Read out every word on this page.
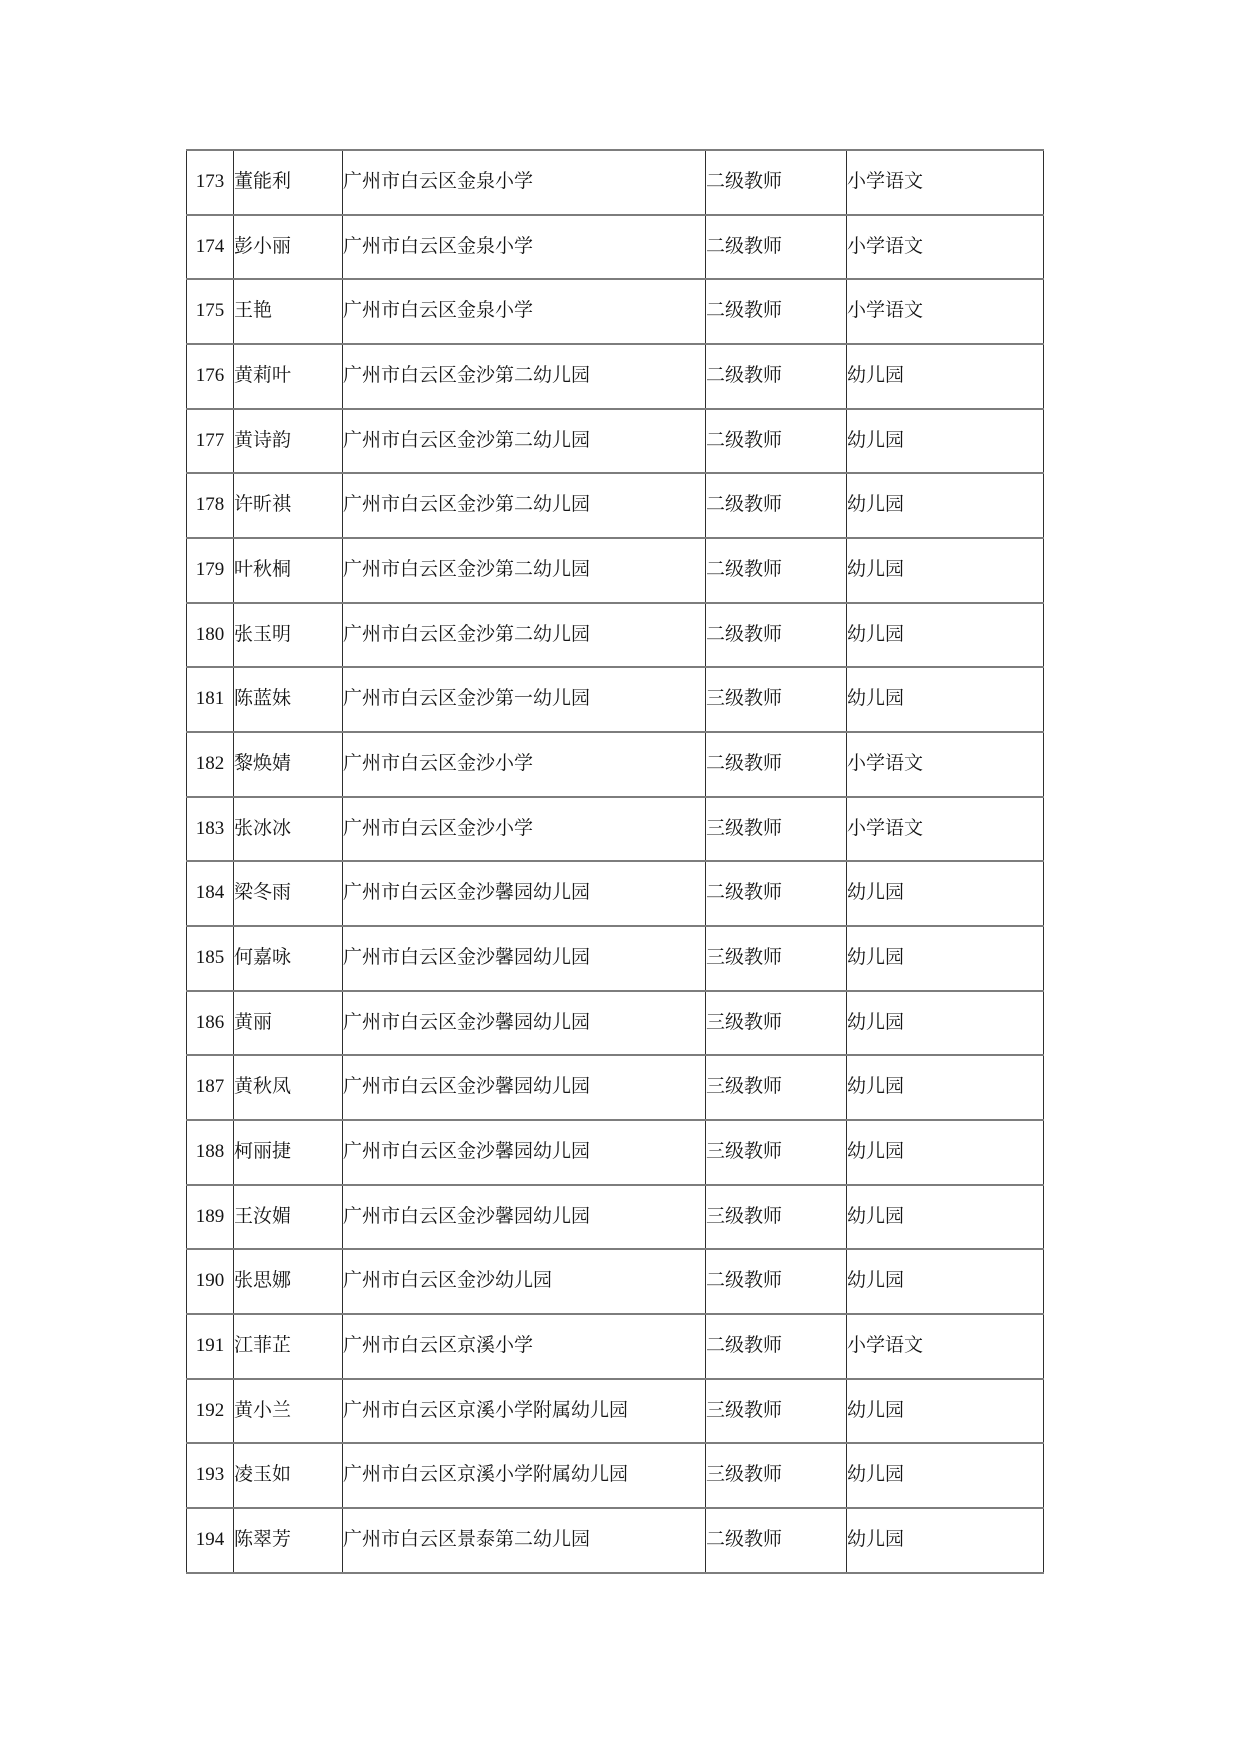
173	董能利	广州市白云区金泉小学	二级教师	小学语文
174	彭小丽	广州市白云区金泉小学	二级教师	小学语文
175	王艳	广州市白云区金泉小学	二级教师	小学语文
176	黄莉叶	广州市白云区金沙第二幼儿园	二级教师	幼儿园
177	黄诗韵	广州市白云区金沙第二幼儿园	二级教师	幼儿园
178	许昕祺	广州市白云区金沙第二幼儿园	二级教师	幼儿园
179	叶秋桐	广州市白云区金沙第二幼儿园	二级教师	幼儿园
180	张玉明	广州市白云区金沙第二幼儿园	二级教师	幼儿园
181	陈蓝妹	广州市白云区金沙第一幼儿园	三级教师	幼儿园
182	黎焕婧	广州市白云区金沙小学	二级教师	小学语文
183	张冰冰	广州市白云区金沙小学	三级教师	小学语文
184	梁冬雨	广州市白云区金沙馨园幼儿园	二级教师	幼儿园
185	何嘉咏	广州市白云区金沙馨园幼儿园	三级教师	幼儿园
186	黄丽	广州市白云区金沙馨园幼儿园	三级教师	幼儿园
187	黄秋凤	广州市白云区金沙馨园幼儿园	三级教师	幼儿园
188	柯丽捷	广州市白云区金沙馨园幼儿园	三级教师	幼儿园
189	王汝媚	广州市白云区金沙馨园幼儿园	三级教师	幼儿园
190	张思娜	广州市白云区金沙幼儿园	二级教师	幼儿园
191	江菲芷	广州市白云区京溪小学	二级教师	小学语文
192	黄小兰	广州市白云区京溪小学附属幼儿园	三级教师	幼儿园
193	凌玉如	广州市白云区京溪小学附属幼儿园	三级教师	幼儿园
194	陈翠芳	广州市白云区景泰第二幼儿园	二级教师	幼儿园
